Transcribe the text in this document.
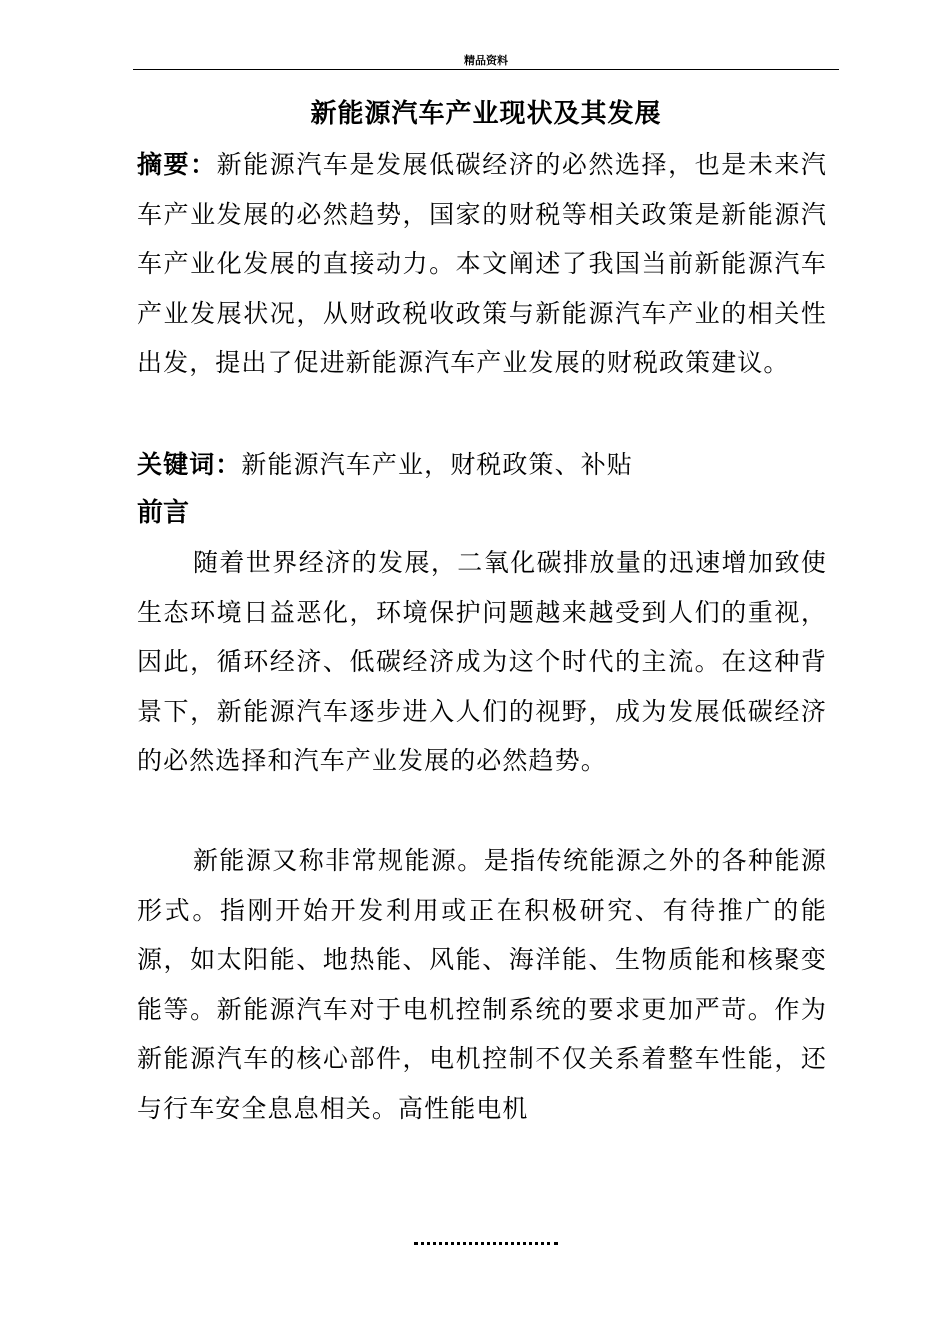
精品资料
新能源汽车产业现状及其发展

摘要：新能源汽车是发展低碳经济的必然选择，也是未来汽车产业发展的必然趋势，国家的财税等相关政策是新能源汽车产业化发展的直接动力。本文阐述了我国当前新能源汽车产业发展状况，从财政税收政策与新能源汽车产业的相关性出发，提出了促进新能源汽车产业发展的财税政策建议。

关键词：新能源汽车产业，财税政策、补贴

前言

随着世界经济的发展，二氧化碳排放量的迅速增加致使生态环境日益恶化，环境保护问题越来越受到人们的重视，因此，循环经济、低碳经济成为这个时代的主流。在这种背景下，新能源汽车逐步进入人们的视野，成为发展低碳经济的必然选择和汽车产业发展的必然趋势。

新能源又称非常规能源。是指传统能源之外的各种能源形式。指刚开始开发利用或正在积极研究、有待推广的能源，如太阳能、地热能、风能、海洋能、生物质能和核聚变能等。新能源汽车对于电机控制系统的要求更加严苛。作为新能源汽车的核心部件，电机控制不仅关系着整车性能，还与行车安全息息相关。高性能电机
